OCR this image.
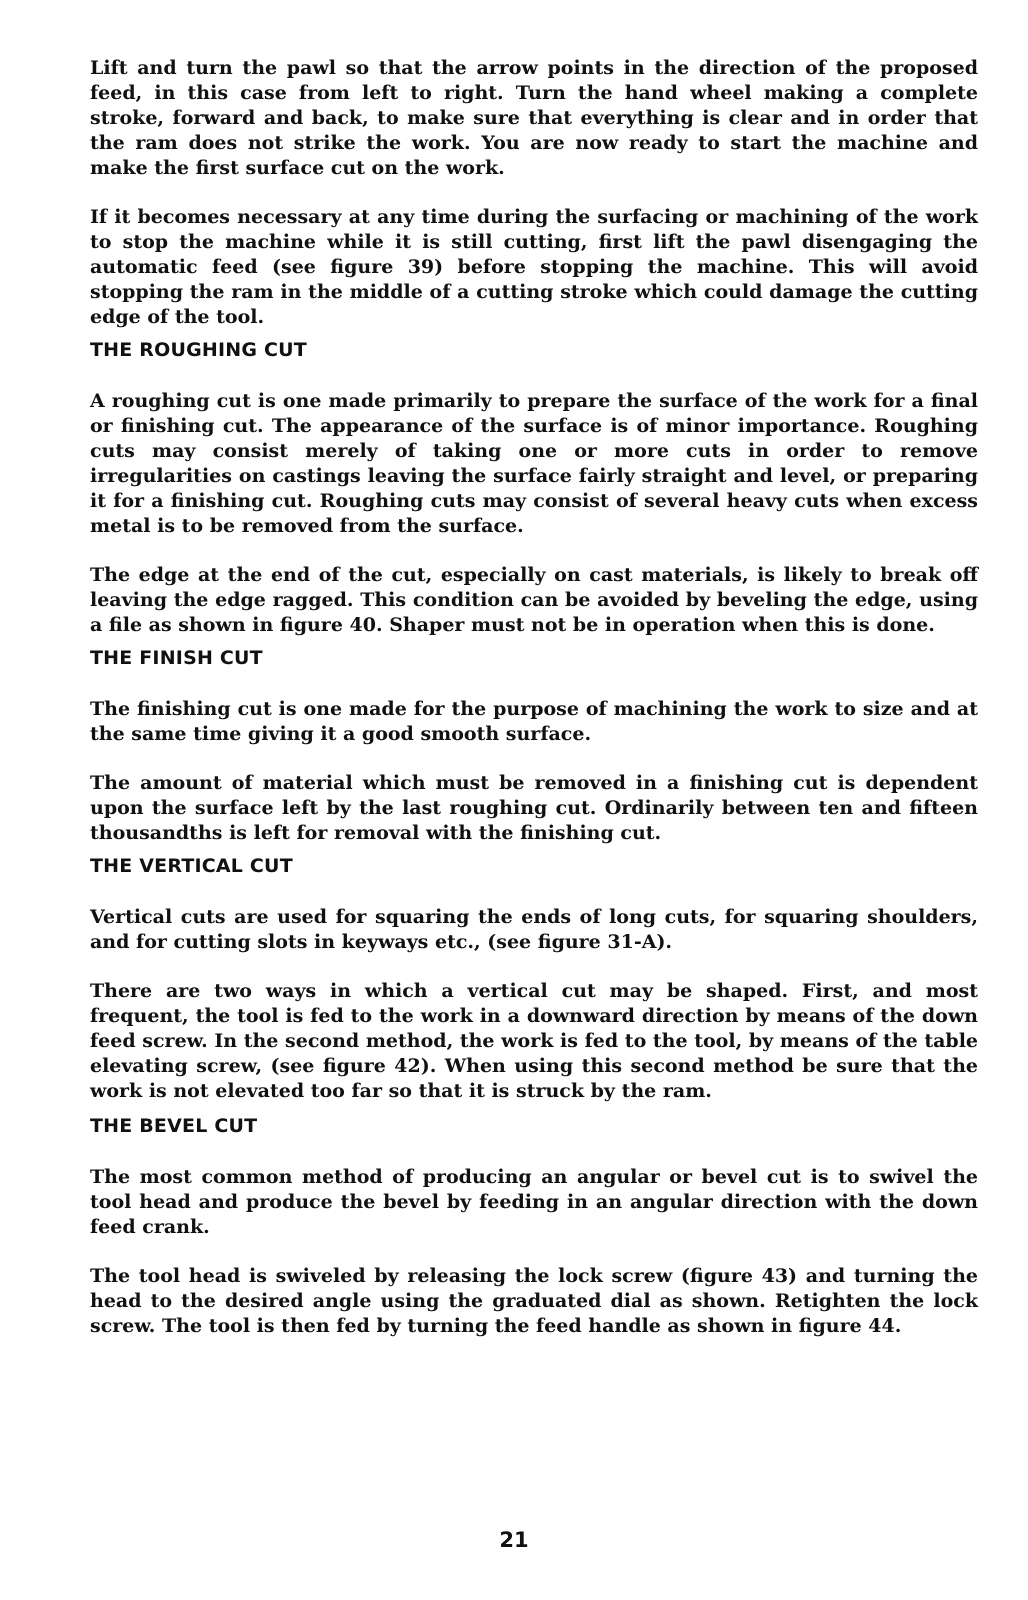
Lift and turn the pawl so that the arrow points in the direction of the proposed feed, in this case from left to right. Turn the hand wheel making a complete stroke, forward and back, to make sure that everything is clear and in order that the ram does not strike the work. You are now ready to start the machine and make the first surface cut on the work.

If it becomes necessary at any time during the surfacing or machining of the work to stop the machine while it is still cutting, first lift the pawl disengaging the automatic feed (see figure 39) before stopping the machine. This will avoid stopping the ram in the middle of a cutting stroke which could damage the cutting edge of the tool.

THE ROUGHING CUT

A roughing cut is one made primarily to prepare the surface of the work for a final or finishing cut. The appearance of the surface is of minor importance. Roughing cuts may consist merely of taking one or more cuts in order to remove irregularities on castings leaving the surface fairly straight and level, or preparing it for a finishing cut. Roughing cuts may consist of several heavy cuts when excess metal is to be removed from the surface.

The edge at the end of the cut, especially on cast materials, is likely to break off leaving the edge ragged. This condition can be avoided by beveling the edge, using a file as shown in figure 40. Shaper must not be in operation when this is done.

THE FINISH CUT

The finishing cut is one made for the purpose of machining the work to size and at the same time giving it a good smooth surface.

The amount of material which must be removed in a finishing cut is dependent upon the surface left by the last roughing cut. Ordinarily between ten and fifteen thousandths is left for removal with the finishing cut.

THE VERTICAL CUT

Vertical cuts are used for squaring the ends of long cuts, for squaring shoulders, and for cutting slots in keyways etc., (see figure 31-A).

There are two ways in which a vertical cut may be shaped. First, and most frequent, the tool is fed to the work in a downward direction by means of the down feed screw. In the second method, the work is fed to the tool, by means of the table elevating screw, (see figure 42). When using this second method be sure that the work is not elevated too far so that it is struck by the ram.

THE BEVEL CUT

The most common method of producing an angular or bevel cut is to swivel the tool head and produce the bevel by feeding in an angular direction with the down feed crank.

The tool head is swiveled by releasing the lock screw (figure 43) and turning the head to the desired angle using the graduated dial as shown. Retighten the lock screw. The tool is then fed by turning the feed handle as shown in figure 44.

21
